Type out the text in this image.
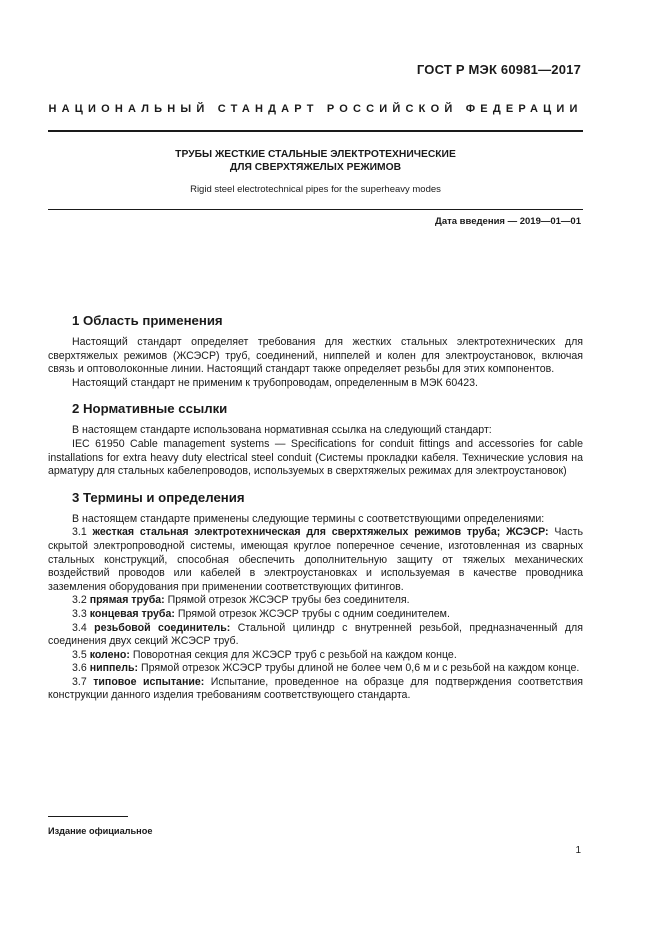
ГОСТ Р МЭК 60981—2017
НАЦИОНАЛЬНЫЙ СТАНДАРТ РОССИЙСКОЙ ФЕДЕРАЦИИ
ТРУБЫ ЖЕСТКИЕ СТАЛЬНЫЕ ЭЛЕКТРОТЕХНИЧЕСКИЕ
ДЛЯ СВЕРХТЯЖЕЛЫХ РЕЖИМОВ
Rigid steel electrotechnical pipes for the superheavy modes
Дата введения — 2019—01—01
1 Область применения

Настоящий стандарт определяет требования для жестких стальных электротехнических для сверхтяжелых режимов (ЖСЭСР) труб, соединений, ниппелей и колен для электроустановок, включая связь и оптоволоконные линии. Настоящий стандарт также определяет резьбы для этих компонентов.

Настоящий стандарт не применим к трубопроводам, определенным в МЭК 60423.

2 Нормативные ссылки

В настоящем стандарте использована нормативная ссылка на следующий стандарт:

IEC 61950 Cable management systems — Specifications for conduit fittings and accessories for cable installations for extra heavy duty electrical steel conduit (Системы прокладки кабеля. Технические условия на арматуру для стальных кабелепроводов, используемых в сверхтяжелых режимах для электроустановок)

3 Термины и определения

В настоящем стандарте применены следующие термины с соответствующими определениями:

3.1 жесткая стальная электротехническая для сверхтяжелых режимов труба; ЖСЭСР: Часть скрытой электропроводной системы, имеющая круглое поперечное сечение, изготовленная из сварных стальных конструкций, способная обеспечить дополнительную защиту от тяжелых механических воздействий проводов или кабелей в электроустановках и используемая в качестве проводника заземления оборудования при применении соответствующих фитингов.

3.2 прямая труба: Прямой отрезок ЖСЭСР трубы без соединителя.

3.3 концевая труба: Прямой отрезок ЖСЭСР трубы с одним соединителем.

3.4 резьбовой соединитель: Стальной цилиндр с внутренней резьбой, предназначенный для соединения двух секций ЖСЭСР труб.

3.5 колено: Поворотная секция для ЖСЭСР труб с резьбой на каждом конце.

3.6 ниппель: Прямой отрезок ЖСЭСР трубы длиной не более чем 0,6 м и с резьбой на каждом конце.

3.7 типовое испытание: Испытание, проведенное на образце для подтверждения соответствия конструкции данного изделия требованиям соответствующего стандарта.

Издание официальное
1
